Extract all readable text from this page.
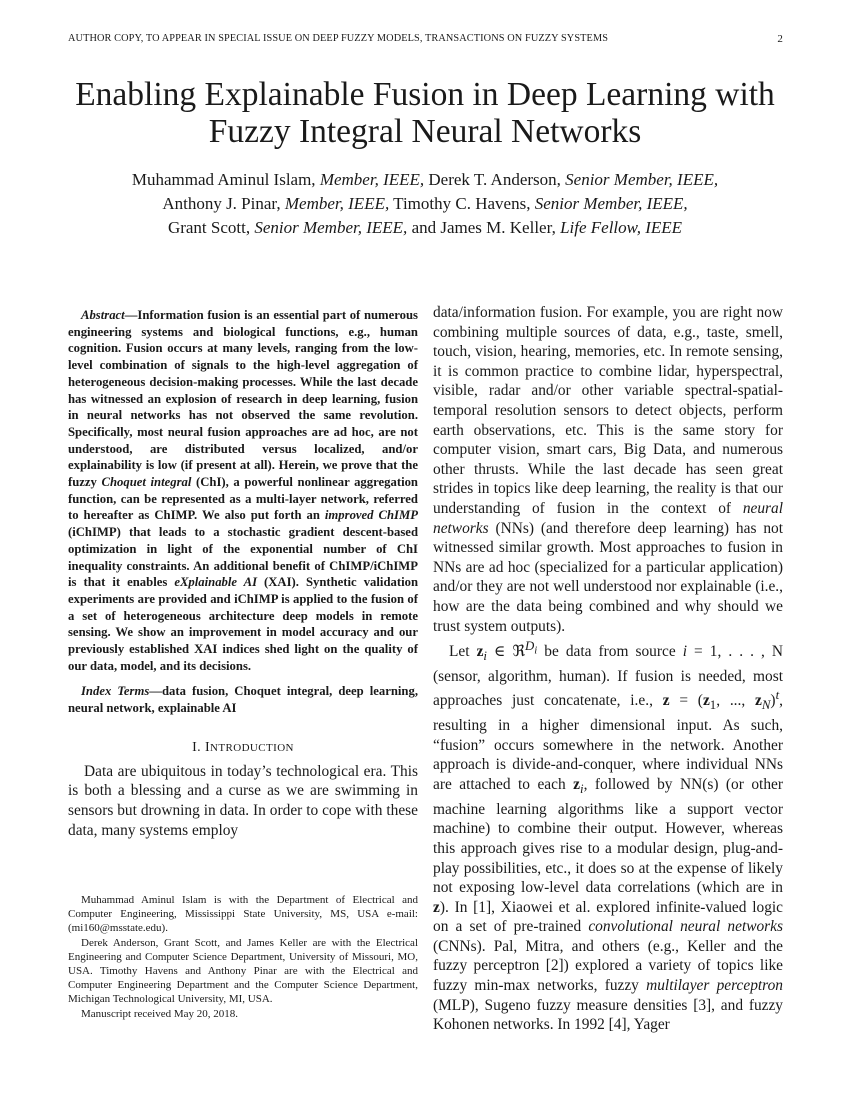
AUTHOR COPY, TO APPEAR IN SPECIAL ISSUE ON DEEP FUZZY MODELS, TRANSACTIONS ON FUZZY SYSTEMS	2
Enabling Explainable Fusion in Deep Learning with
Fuzzy Integral Neural Networks
Muhammad Aminul Islam, Member, IEEE, Derek T. Anderson, Senior Member, IEEE,
Anthony J. Pinar, Member, IEEE, Timothy C. Havens, Senior Member, IEEE,
Grant Scott, Senior Member, IEEE, and James M. Keller, Life Fellow, IEEE

Abstract—Information fusion is an essential part of numerous engineering systems and biological functions, e.g., human cognition. Fusion occurs at many levels, ranging from the low-level combination of signals to the high-level aggregation of heterogeneous decision-making processes. While the last decade has witnessed an explosion of research in deep learning, fusion in neural networks has not observed the same revolution. Specifically, most neural fusion approaches are ad hoc, are not understood, are distributed versus localized, and/or explainability is low (if present at all). Herein, we prove that the fuzzy Choquet integral (ChI), a powerful nonlinear aggregation function, can be represented as a multi-layer network, referred to hereafter as ChIMP. We also put forth an improved ChIMP (iChIMP) that leads to a stochastic gradient descent-based optimization in light of the exponential number of ChI inequality constraints. An additional benefit of ChIMP/iChIMP is that it enables eXplainable AI (XAI). Synthetic validation experiments are provided and iChIMP is applied to the fusion of a set of heterogeneous architecture deep models in remote sensing. We show an improvement in model accuracy and our previously established XAI indices shed light on the quality of our data, model, and its decisions.

Index Terms—data fusion, Choquet integral, deep learning, neural network, explainable AI

I. INTRODUCTION

Data are ubiquitous in today’s technological era. This is both a blessing and a curse as we are swimming in sensors but drowning in data. In order to cope with these data, many systems employ

Muhammad Aminul Islam is with the Department of Electrical and Computer Engineering, Mississippi State University, MS, USA e-mail: (mi160@msstate.edu).

Derek Anderson, Grant Scott, and James Keller are with the Electrical Engineering and Computer Science Department, University of Missouri, MO, USA. Timothy Havens and Anthony Pinar are with the Electrical and Computer Engineering Department and the Computer Science Department, Michigan Technological University, MI, USA.

Manuscript received May 20, 2018.

data/information fusion. For example, you are right now combining multiple sources of data, e.g., taste, smell, touch, vision, hearing, memories, etc. In remote sensing, it is common practice to combine lidar, hyperspectral, visible, radar and/or other variable spectral-spatial-temporal resolution sensors to detect objects, perform earth observations, etc. This is the same story for computer vision, smart cars, Big Data, and numerous other thrusts. While the last decade has seen great strides in topics like deep learning, the reality is that our understanding of fusion in the context of neural networks (NNs) (and therefore deep learning) has not witnessed similar growth. Most approaches to fusion in NNs are ad hoc (specialized for a particular application) and/or they are not well understood nor explainable (i.e., how are the data being combined and why should we trust system outputs).

Let $z_i$ ∈ ℜ$^{D_i}$ be data from source i = 1, . . . , N (sensor, algorithm, human). If fusion is needed, most approaches just concatenate, i.e., $z = (z_1$, ..., $z_N)^t$, resulting in a higher dimensional input. As such, “fusion” occurs somewhere in the network. Another approach is divide-and-conquer, where individual NNs are attached to each $z_i$, followed by NN(s) (or other machine learning algorithms like a support vector machine) to combine their output. However, whereas this approach gives rise to a modular design, plug-and-play possibilities, etc., it does so at the expense of likely not exposing low-level data correlations (which are in z). In [1], Xiaowei et al. explored infinite-valued logic on a set of pre-trained convolutional neural networks (CNNs). Pal, Mitra, and others (e.g., Keller and the fuzzy perceptron [2]) explored a variety of topics like fuzzy min-max networks, fuzzy multilayer perceptron (MLP), Sugeno fuzzy measure densities [3], and fuzzy Kohonen networks. In 1992 [4], Yager
